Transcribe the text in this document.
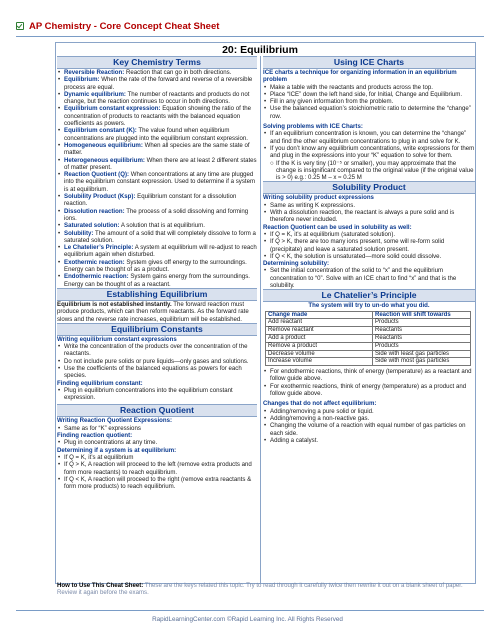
AP Chemistry - Core Concept Cheat Sheet
20: Equilibrium
Key Chemistry Terms
• Reversible Reaction: Reaction that can go in both directions.
• Equilibrium: When the rate of the forward and reverse of a reversible process are equal.
• Dynamic equilibrium: The number of reactants and products do not change, but the reaction continues to occur in both directions.
• Equilibrium constant expression: Equation showing the ratio of the concentration of products to reactants with the balanced equation coefficients as powers.
• Equilibrium constant (K): The value found when equilibrium concentrations are plugged into the equilibrium constant expression.
• Homogeneous equilibrium: When all species are the same state of matter.
• Heterogeneous equilibrium: When there are at least 2 different states of matter present.
• Reaction Quotient (Q): When concentrations at any time are plugged into the equilibrium constant expression. Used to determine if a system is at equilibrium.
• Solubility Product (Ksp): Equilibrium constant for a dissolution reaction.
• Dissolution reaction: The process of a solid dissolving and forming ions.
• Saturated solution: A solution that is at equilibrium.
• Solubility: The amount of a solid that will completely dissolve to form a saturated solution.
• Le Chatelier’s Principle: A system at equilibrium will re-adjust to reach equilibrium again when disturbed.
• Exothermic reaction: System gives off energy to the surroundings. Energy can be thought of as a product.
• Endothermic reaction: System gains energy from the surroundings. Energy can be thought of as a reactant.
Establishing Equilibrium
Equilibrium is not established instantly. The forward reaction must produce products, which can then reform reactants. As the forward rate slows and the reverse rate increases, equilibrium will be established.
Equilibrium Constants
Writing equilibrium constant expressions
• Write the concentration of the products over the concentration of the reactants.
• Do not include pure solids or pure liquids—only gases and solutions.
• Use the coefficients of the balanced equations as powers for each species.
Finding equilibrium constant:
• Plug in equilibrium concentrations into the equilibrium constant expression.
Reaction Quotient
Writing Reaction Quotient Expressions:
• Same as for “K” expressions
Finding reaction quotient:
• Plug in concentrations at any time.
Determining if a system is at equilibrium:
• If Q = K, it’s at equilibrium
• If Q > K, A reaction will proceed to the left (remove extra products and form more reactants) to reach equilibrium.
• If Q < K, A reaction will proceed to the right (remove extra reactants & form more products) to reach equilibrium.
Using ICE Charts
ICE charts a technique for organizing information in an equilibrium problem
• Make a table with the reactants and products across the top.
• Place “ICE” down the left hand side, for Initial, Change and Equilibrium.
• Fill in any given information from the problem.
• Use the balanced equation’s stoichiometric ratio to determine the “change” row.
Solving problems with ICE Charts:
• If an equilibrium concentration is known, you can determine the “change” and find the other equilibrium concentrations to plug in and solve for K.
• If you don’t know any equilibrium concentrations, write expressions for them and plug in the expressions into your “K” equation to solve for them.
○ If the K is very tiny (10⁻⁵ or smaller), you may approximate that the change is insignificant compared to the original value (if the original value is > 0) e.g.: 0.25 M – x ≈ 0.25 M
Solubility Product
Writing solubility product expressions
• Same as writing K expressions.
• With a dissolution reaction, the reactant is always a pure solid and is therefore never included.
Reaction Quotient can be used in solubility as well:
• If Q = K, it’s at equilibrium (saturated solution).
• If Q > K, there are too many ions present, some will re-form solid (precipitate) and leave a saturated solution present.
• If Q < K, the solution is unsaturated—more solid could dissolve.
Determining solubility:
• Set the initial concentration of the solid to “x” and the equilibrium concentration to “0”. Solve with an ICE chart to find “x” and that is the solubility.
Le Chatelier’s Principle
The system will try to un-do what you did.
Change made	Reaction will shift towards
Add reactant	Products
Remove reactant	Reactants
Add a product	Reactants
Remove a product	Products
Decrease volume	Side with least gas particles
Increase volume	Side with most gas particles
• For endothermic reactions, think of energy (temperature) as a reactant and follow guide above.
• For exothermic reactions, think of energy (temperature) as a product and follow guide above.
Changes that do not affect equilibrium:
• Adding/removing a pure solid or liquid.
• Adding/removing a non-reactive gas.
• Changing the volume of a reaction with equal number of gas particles on each side.
• Adding a catalyst.
How to Use This Cheat Sheet: These are the keys related this topic. Try to read through it carefully twice then rewrite it out on a blank sheet of paper. Review it again before the exams.
RapidLearningCenter.com ©Rapid Learning Inc. All Rights Reserved
